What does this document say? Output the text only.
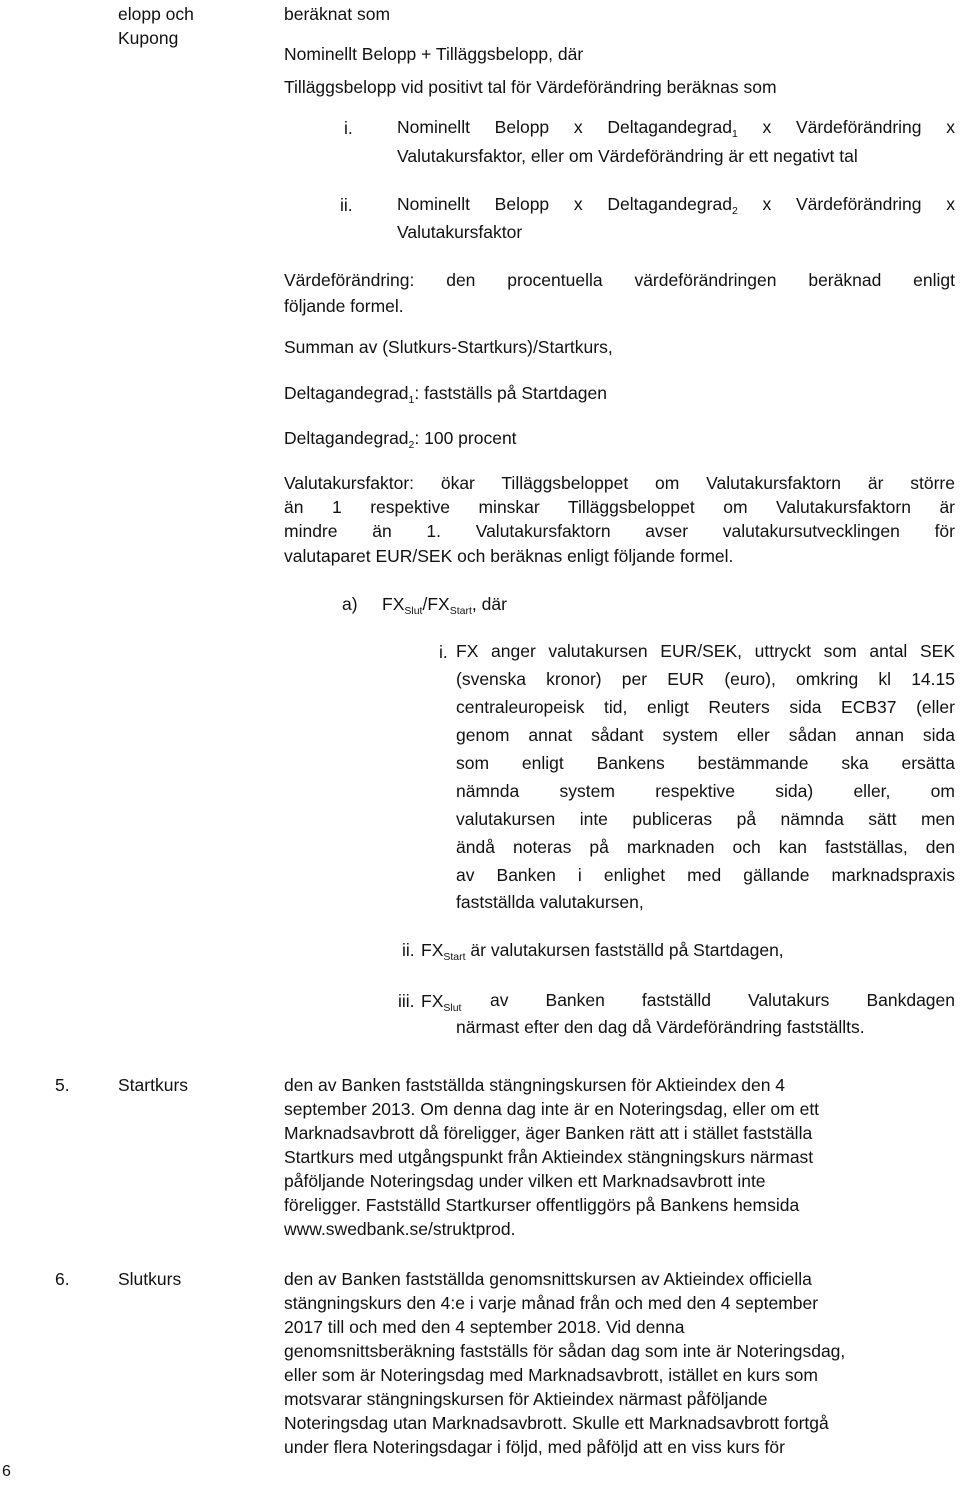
elopp och
Kupong
beräknat som
Nominellt Belopp + Tilläggsbelopp, där
Tilläggsbelopp vid positivt tal för Värdeförändring beräknas som
i.	Nominellt Belopp x Deltagandegrad$_1$ x Värdeförändring x
Valutakursfaktor, eller om Värdeförändring är ett negativt tal
ii.	Nominellt Belopp x Deltagandegrad$_2$ x Värdeförändring x
Valutakursfaktor
Värdeförändring: den procentuella värdeförändringen beräknad enligt
följande formel.
Summan av (Slutkurs-Startkurs)/Startkurs,
Deltagandegrad$_1$: fastställs på Startdagen
Deltagandegrad$_2$: 100 procent
Valutakursfaktor: ökar Tilläggsbeloppet om Valutakursfaktorn är större
än 1 respektive minskar Tilläggsbeloppet om Valutakursfaktorn är
mindre än 1. Valutakursfaktorn avser valutakursutvecklingen för
valutaparet EUR/SEK och beräknas enligt följande formel.
a) $FX_{Slut}/FX_{Start}$, där
i. FX anger valutakursen EUR/SEK, uttryckt som antal SEK
(svenska kronor) per EUR (euro), omkring kl 14.15
centraleuropeisk tid, enligt Reuters sida ECB37 (eller
genom annat sådant system eller sådan annan sida
som enligt Bankens bestämmande ska ersätta
nämnda system respektive sida) eller, om
valutakursen inte publiceras på nämnda sätt men
ändå noteras på marknaden och kan fastställas, den
av Banken i enlighet med gällande marknadspraxis
fastställda valutakursen,
ii. $FX_{Start}$ är valutakursen fastställd på Startdagen,
iii. $FX_{Slut}$ av Banken fastställd Valutakurs Bankdagen
närmast efter den dag då Värdeförändring fastställts.
5.	Startkurs	den av Banken fastställda stängningskursen för Aktieindex den 4
september 2013. Om denna dag inte är en Noteringsdag, eller om ett
Marknadsavbrott då föreligger, äger Banken rätt att i stället fastställa
Startkurs med utgångspunkt från Aktieindex stängningskurs närmast
påföljande Noteringsdag under vilken ett Marknadsavbrott inte
föreligger. Fastställd Startkurser offentliggörs på Bankens hemsida
www.swedbank.se/struktprod.
6.	Slutkurs	den av Banken fastställda genomsnittskursen av Aktieindex officiella
stängningskurs den 4:e i varje månad från och med den 4 september
2017 till och med den 4 september 2018. Vid denna
genomsnittsberäkning fastställs för sådan dag som inte är Noteringsdag,
eller som är Noteringsdag med Marknadsavbrott, istället en kurs som
motsvarar stängningskursen för Aktieindex närmast påföljande
Noteringsdag utan Marknadsavbrott. Skulle ett Marknadsavbrott fortgå
under flera Noteringsdagar i följd, med påföljd att en viss kurs för
6
